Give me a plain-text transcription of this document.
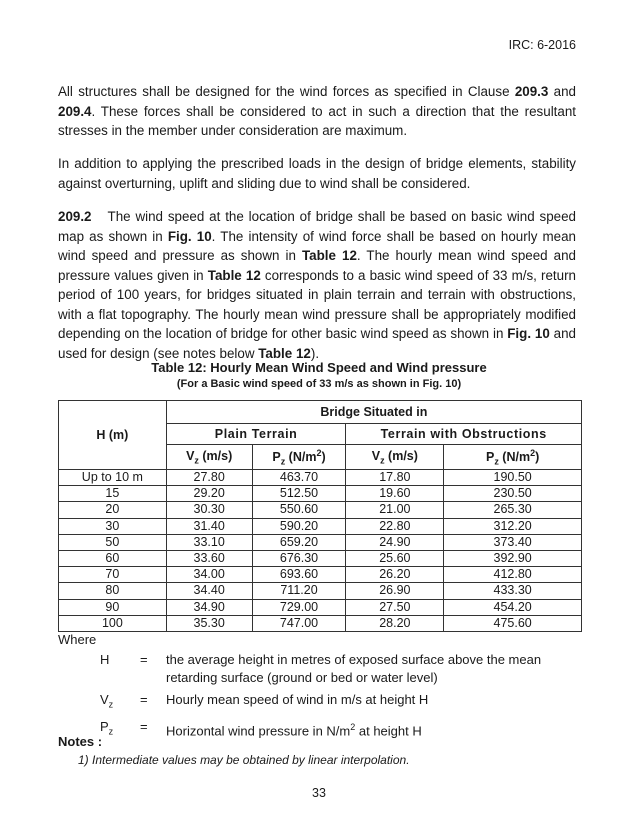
IRC: 6-2016

All structures shall be designed for the wind forces as specified in Clause 209.3 and 209.4. These forces shall be considered to act in such a direction that the resultant stresses in the member under consideration are maximum.

In addition to applying the prescribed loads in the design of bridge elements, stability against overturning, uplift and sliding due to wind shall be considered.

209.2 The wind speed at the location of bridge shall be based on basic wind speed map as shown in Fig. 10. The intensity of wind force shall be based on hourly mean wind speed and pressure as shown in Table 12. The hourly mean wind speed and pressure values given in Table 12 corresponds to a basic wind speed of 33 m/s, return period of 100 years, for bridges situated in plain terrain and terrain with obstructions, with a flat topography. The hourly mean wind pressure shall be appropriately modified depending on the location of bridge for other basic wind speed as shown in Fig. 10 and used for design (see notes below Table 12).

Table 12: Hourly Mean Wind Speed and Wind pressure
(For a Basic wind speed of 33 m/s as shown in Fig. 10)
H (m)	Bridge Situated in			
	Plain Terrain		Terrain with Obstructions	
	$V_z$ (m/s)	$P_z$ $(N/m^2)$	$V_z$ (m/s)	$P_z$ $(N/m^2)$
Up to 10 m	27.80	463.70	17.80	190.50
15	29.20	512.50	19.60	230.50
20	30.30	550.60	21.00	265.30
30	31.40	590.20	22.80	312.20
50	33.10	659.20	24.90	373.40
60	33.60	676.30	25.60	392.90
70	34.00	693.60	26.20	412.80
80	34.40	711.20	26.90	433.30
90	34.90	729.00	27.50	454.20
100	35.30	747.00	28.20	475.60
Where
H	=	the average height in metres of exposed surface above the mean retarding surface (ground or bed or water level)
$V_z$	=	Hourly mean speed of wind in m/s at height H
$P_z$	=	Horizontal wind pressure in $N/m^2$ at height H
Notes :
1) Intermediate values may be obtained by linear interpolation.
33
